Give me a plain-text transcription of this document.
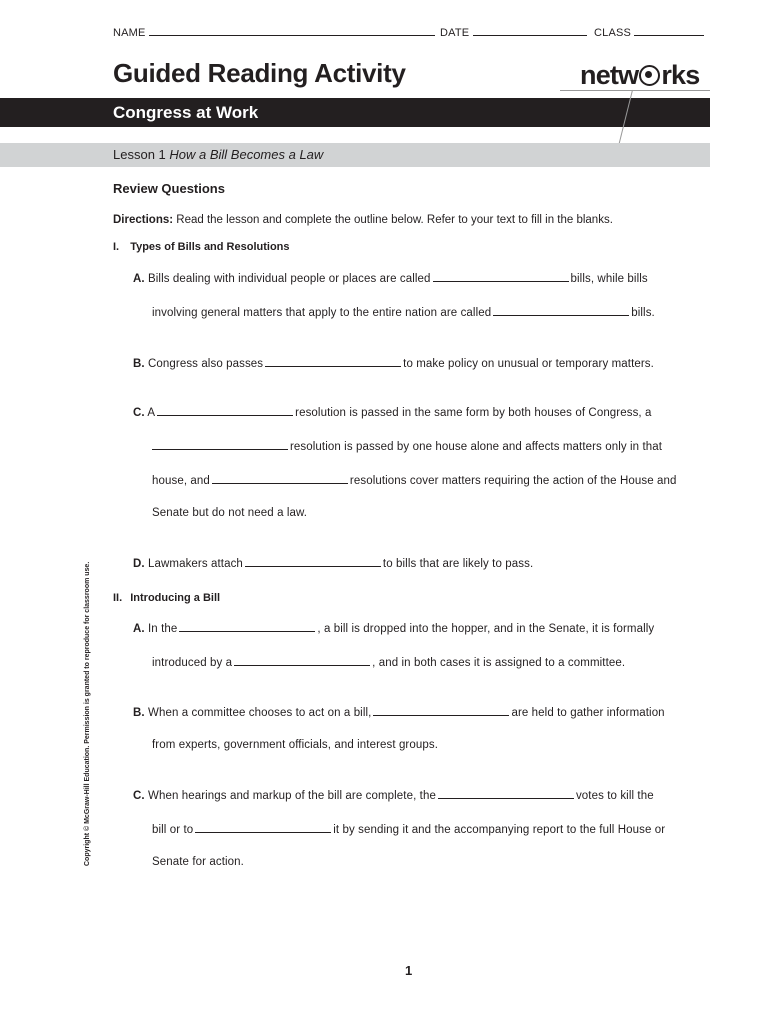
NAME	DATE	CLASS
Guided Reading Activity	netw rks
Congress at Work
Lesson 1 How a Bill Becomes a Law
Review Questions
Directions: Read the lesson and complete the outline below. Refer to your text to fill in the blanks.
I. Types of Bills and Resolutions
A. Bills dealing with individual people or places are called	bills, while bills
involving general matters that apply to the entire nation are called	bills.
B. Congress also passes	to make policy on unusual or temporary matters.
C. A	resolution is passed in the same form by both houses of Congress, a
resolution is passed by one house alone and affects matters only in that
house, and	resolutions cover matters requiring the action of the House and
Senate but do not need a law.
D. Lawmakers attach	to bills that are likely to pass.
II. Introducing a Bill
A. In the	, a bill is dropped into the hopper, and in the Senate, it is formally
introduced by a	, and in both cases it is assigned to a committee.
B. When a committee chooses to act on a bill,	are held to gather information
from experts, government officials, and interest groups.
C. When hearings and markup of the bill are complete, the	votes to kill the
bill or to	it by sending it and the accompanying report to the full House or
Senate for action.
Copyright © McGraw-Hill Education. Permission is granted to reproduce for classroom use.
1
